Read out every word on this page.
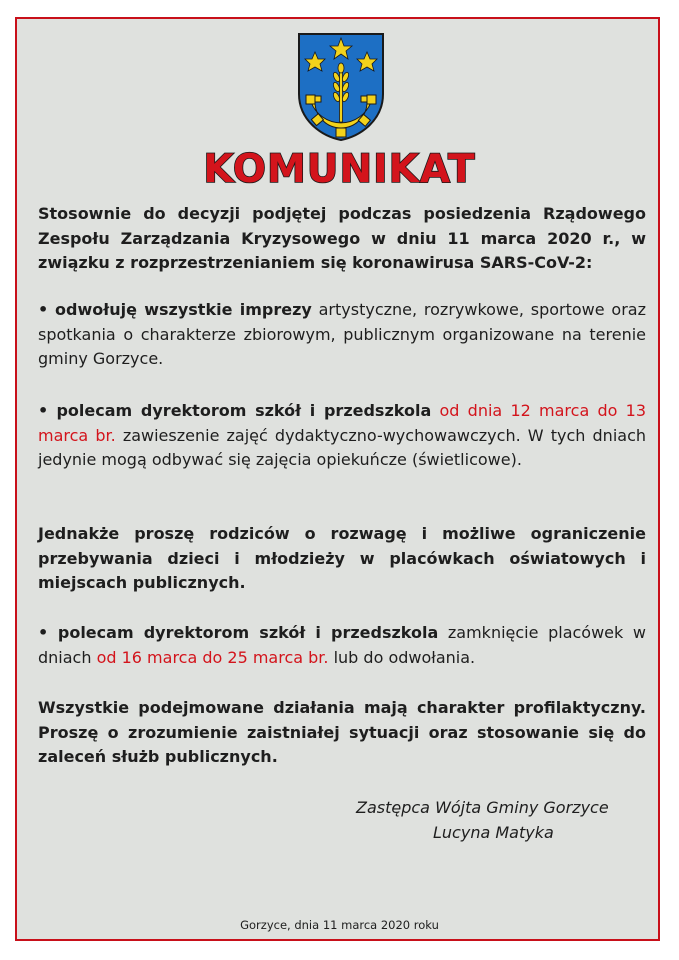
KOMUNIKAT
Stosownie do decyzji podjętej podczas posiedzenia Rządowego Zespołu Zarządzania Kryzysowego w dniu 11 marca 2020 r., w związku z rozprzestrzenianiem się koronawirusa SARS-CoV-2:
• odwołuję wszystkie imprezy artystyczne, rozrywkowe, sportowe oraz spotkania o charakterze zbiorowym, publicznym organizowane na terenie gminy Gorzyce.
• polecam dyrektorom szkół i przedszkola od dnia 12 marca do 13 marca br. zawieszenie zajęć dydaktyczno-wychowawczych. W tych dniach jedynie mogą odbywać się zajęcia opiekuńcze (świetlicowe).
Jednakże proszę rodziców o rozwagę i możliwe ograniczenie przebywania dzieci i młodzieży w placówkach oświatowych i miejscach publicznych.
• polecam dyrektorom szkół i przedszkola zamknięcie placówek w dniach od 16 marca do 25 marca br. lub do odwołania.
Wszystkie podejmowane działania mają charakter profilaktyczny. Proszę o zrozumienie zaistniałej sytuacji oraz stosowanie się do zaleceń służb publicznych.
Zastępca Wójta Gminy Gorzyce
Lucyna Matyka
Gorzyce, dnia 11 marca 2020 roku
